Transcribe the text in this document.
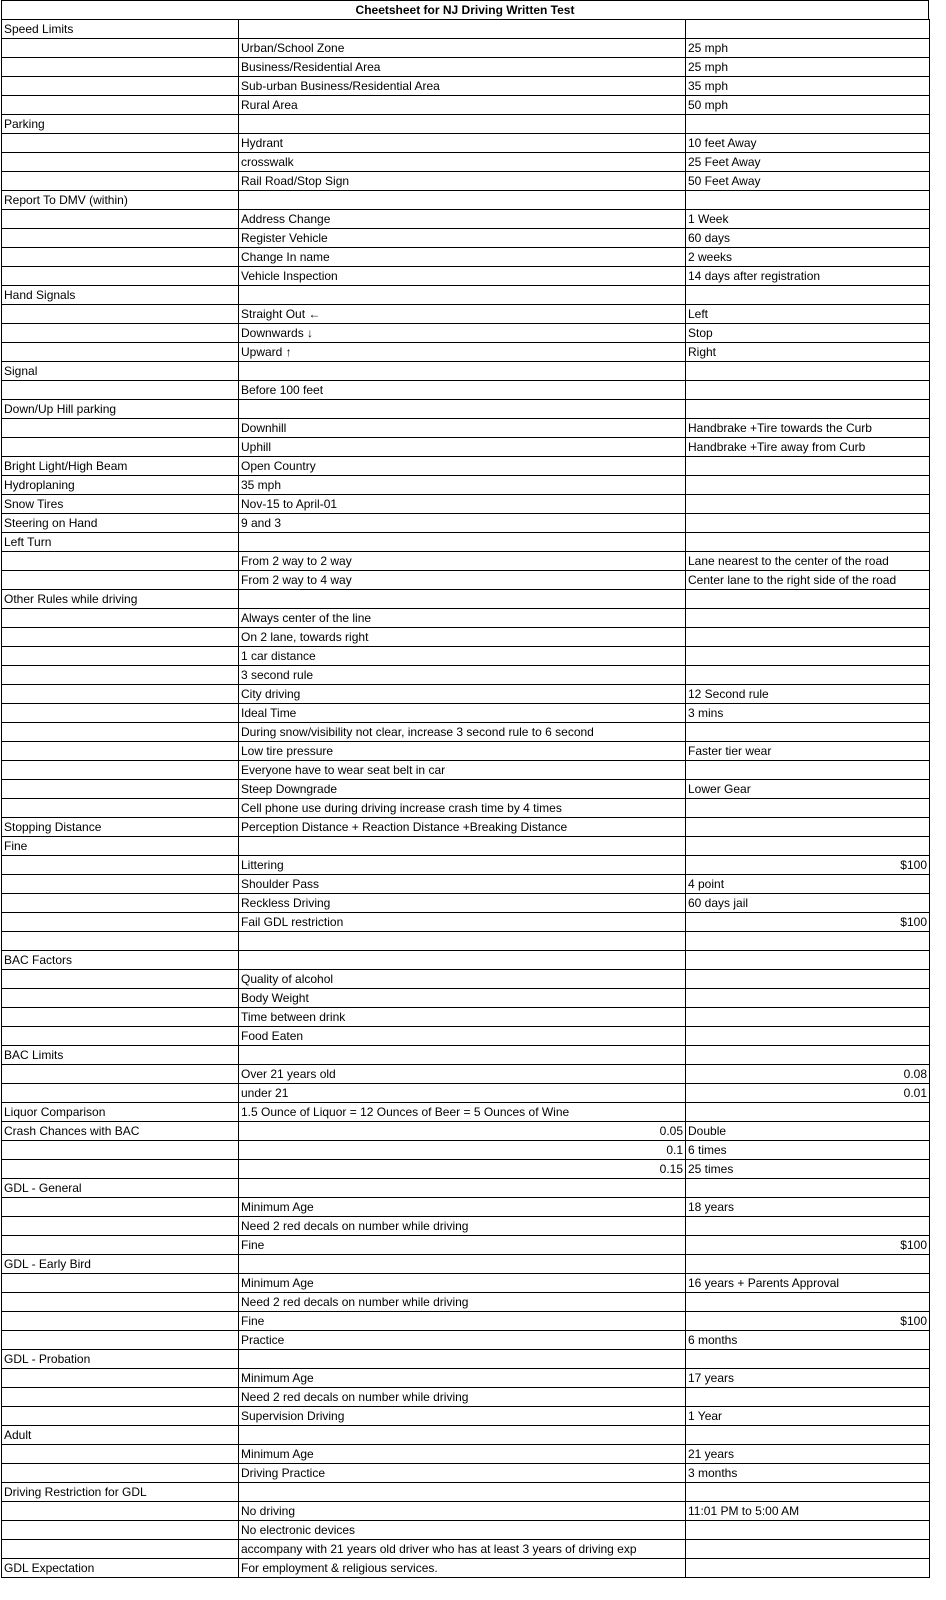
Cheetsheet for NJ Driving Written Test
Speed Limits		
	Urban/School Zone	25 mph
	Business/Residential Area	25 mph
	Sub-urban Business/Residential Area	35 mph
	Rural Area	50 mph
Parking		
	Hydrant	10 feet Away
	crosswalk	25 Feet Away
	Rail Road/Stop Sign	50 Feet Away
Report To DMV (within)		
	Address Change	1 Week
	Register Vehicle	60 days
	Change In name	2 weeks
	Vehicle Inspection	14 days after registration
Hand Signals		
	Straight Out ←	Left
	Downwards ↓	Stop
	Upward ↑	Right
Signal		
	Before 100 feet	
Down/Up Hill parking		
	Downhill	Handbrake +Tire towards the Curb
	Uphill	Handbrake +Tire away from Curb
Bright Light/High Beam	Open Country	
Hydroplaning	35 mph	
Snow Tires	Nov-15 to April-01	
Steering on Hand	9 and 3	
Left Turn		
	From 2 way to 2 way	Lane nearest to the center of the road
	From 2 way to 4 way	Center lane to the right side of the road
Other Rules while driving		
	Always center of the line	
	On 2 lane, towards right	
	1 car distance	
	3 second rule	
	City driving	12 Second rule
	Ideal Time	3 mins
	During snow/visibility not clear, increase 3 second rule to 6 second	
	Low tire pressure	Faster tier wear
	Everyone have to wear seat belt in car	
	Steep Downgrade	Lower Gear
	Cell phone use during driving increase crash time by 4 times	
Stopping Distance	Perception Distance + Reaction Distance +Breaking Distance	
Fine		
	Littering	$100
	Shoulder Pass	4 point
	Reckless Driving	60 days jail
	Fail GDL restriction	$100

BAC Factors		
	Quality of alcohol	
	Body Weight	
	Time between drink	
	Food Eaten	
BAC Limits		
	Over 21 years old	0.08
	under 21	0.01
Liquor Comparison	1.5 Ounce of Liquor = 12 Ounces of Beer = 5 Ounces of Wine	
Crash Chances with BAC	0.05	Double
	0.1	6 times
	0.15	25 times
GDL - General		
	Minimum Age	18 years
	Need 2 red decals on number while driving	
	Fine	$100
GDL - Early Bird		
	Minimum Age	16 years + Parents Approval
	Need 2 red decals on number while driving	
	Fine	$100
	Practice	6 months
GDL - Probation		
	Minimum Age	17 years
	Need 2 red decals on number while driving	
	Supervision Driving	1 Year
Adult		
	Minimum Age	21 years
	Driving Practice	3 months
Driving Restriction for GDL		
	No driving	11:01 PM to 5:00 AM
	No electronic devices	
	accompany with 21 years old driver who has at least 3 years of driving exp	
GDL Expectation	For employment & religious services.	
